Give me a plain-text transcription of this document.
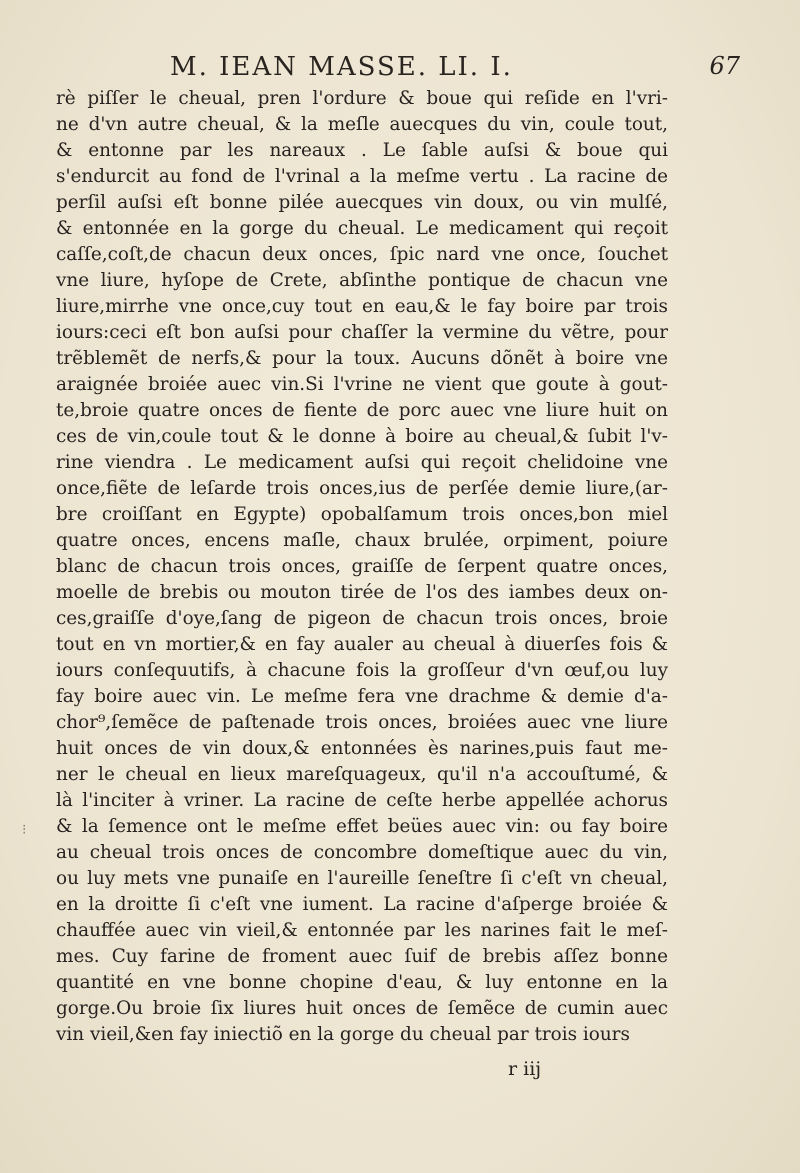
M. IEAN MASSE. LI. I.	67
⁝
rè piſſer le cheual, pren l'ordure & boue qui reſide en l'vri-
ne d'vn autre cheual, & la meſle auecques du vin, coule tout,
& entonne par les nareaux . Le ſable auſsi & boue qui
s'endurcit au fond de l'vrinal a la meſme vertu . La racine de
perſil auſsi eſt bonne pilée auecques vin doux, ou vin mulſé,
& entonnée en la gorge du cheual. Le medicament qui reçoit
caſſe,coſt,de chacun deux onces, ſpic nard vne once, ſouchet
vne liure, hyſope de Crete, abſinthe pontique de chacun vne
liure,mirrhe vne once,cuy tout en eau,& le fay boire par trois
iours:ceci eſt bon auſsi pour chaſſer la vermine du vẽtre, pour
trẽblemẽt de nerfs,& pour la toux. Aucuns dõnẽt à boire vne
araignée broiée auec vin.Si l'vrine ne vient que goute à gout-
te,broie quatre onces de fiente de porc auec vne liure huit on
ces de vin,coule tout & le donne à boire au cheual,& ſubit l'v-
rine viendra . Le medicament auſsi qui reçoit chelidoine vne
once,fiẽte de leſarde trois onces,ius de perſée demie liure,(ar-
bre croiſſant en Egypte) opobalſamum trois onces,bon miel
quatre onces, encens maſle, chaux brulée, orpiment, poiure
blanc de chacun trois onces, graiſſe de ſerpent quatre onces,
moelle de brebis ou mouton tirée de l'os des iambes deux on-
ces,graiſſe d'oye,ſang de pigeon de chacun trois onces, broie
tout en vn mortier,& en fay aualer au cheual à diuerſes fois &
iours conſequutifs, à chacune fois la groſſeur d'vn œuf,ou luy
fay boire auec vin. Le meſme fera vne drachme & demie d'a-
chor⁹,ſemẽce de paſtenade trois onces, broiées auec vne liure
huit onces de vin doux,& entonnées ès narines,puis faut me-
ner le cheual en lieux mareſquageux, qu'il n'a accouſtumé, &
là l'inciter à vriner. La racine de ceſte herbe appellée achorus
& la ſemence ont le meſme effet beües auec vin: ou fay boire
au cheual trois onces de concombre domeſtique auec du vin,
ou luy mets vne punaiſe en l'aureille ſeneſtre ſi c'eſt vn cheual,
en la droitte ſi c'eſt vne iument. La racine d'aſperge broiée &
chauffée auec vin vieil,& entonnée par les narines fait le meſ-
mes. Cuy farine de froment auec ſuif de brebis aſſez bonne
quantité en vne bonne chopine d'eau, & luy entonne en la
gorge.Ou broie ſix liures huit onces de ſemẽce de cumin auec
vin vieil,&en fay iniectiõ en la gorge du cheual par trois iours
r iij
